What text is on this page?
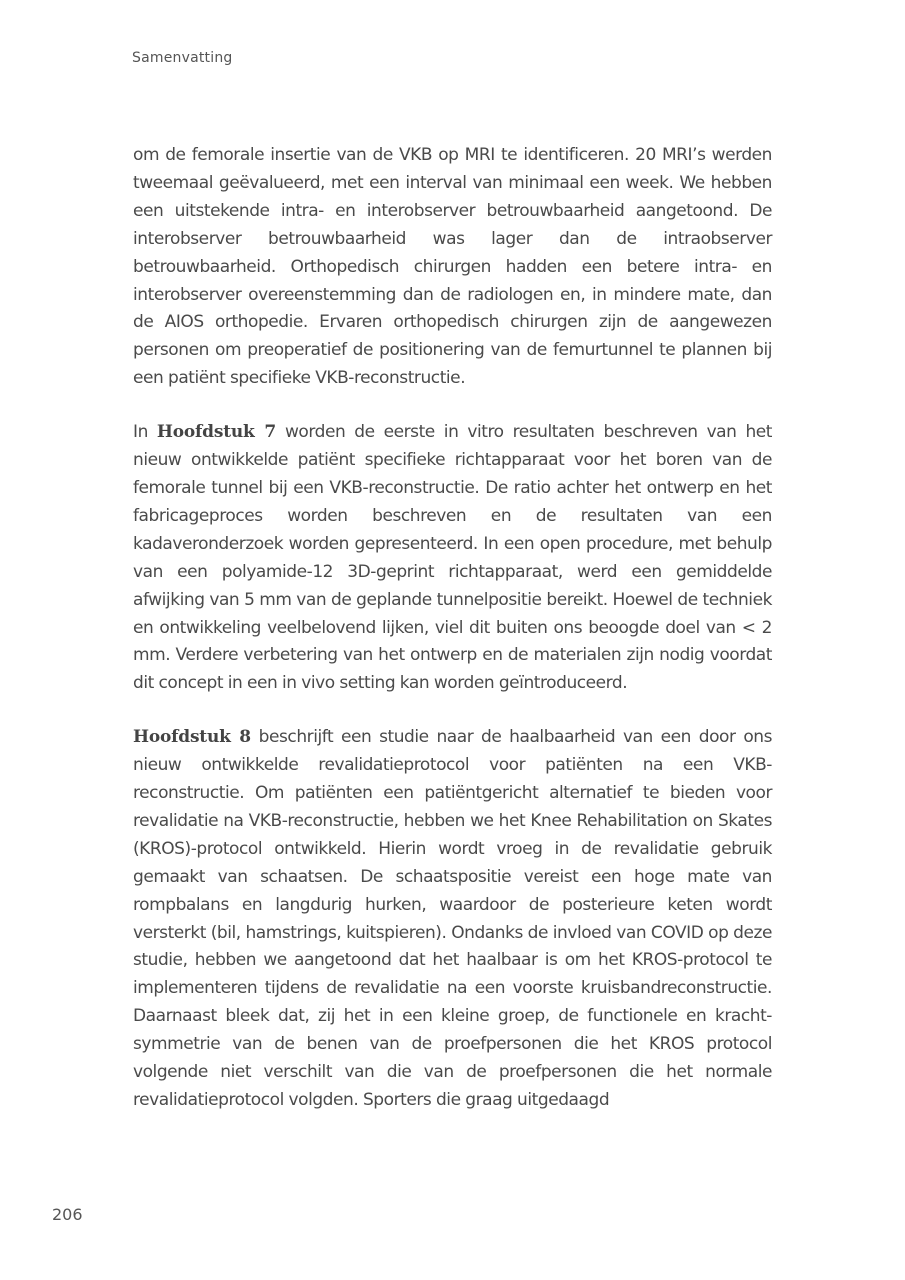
Samenvatting

om de femorale insertie van de VKB op MRI te identificeren. 20 MRI’s werden tweemaal geëvalueerd, met een interval van minimaal een week. We hebben een uitstekende intra- en interobserver betrouwbaarheid aangetoond. De interobserver betrouwbaarheid was lager dan de intraobserver betrouwbaarheid. Orthopedisch chirurgen hadden een betere intra- en interobserver overeenstemming dan de radiologen en, in mindere mate, dan de AIOS orthopedie. Ervaren orthopedisch chirurgen zijn de aangewezen personen om preoperatief de positionering van de femurtunnel te plannen bij een patiënt specifieke VKB-reconstructie.

In Hoofdstuk 7 worden de eerste in vitro resultaten beschreven van het nieuw ontwikkelde patiënt specifieke richtapparaat voor het boren van de femorale tunnel bij een VKB-reconstructie. De ratio achter het ontwerp en het fabricageproces worden beschreven en de resultaten van een kadaveronderzoek worden gepresenteerd. In een open procedure, met behulp van een polyamide-12 3D-geprint richtapparaat, werd een gemiddelde afwijking van 5 mm van de geplande tunnelpositie bereikt. Hoewel de techniek en ontwikkeling veelbelovend lijken, viel dit buiten ons beoogde doel van < 2 mm. Verdere verbetering van het ontwerp en de materialen zijn nodig voordat dit concept in een in vivo setting kan worden geïntroduceerd.

Hoofdstuk 8 beschrijft een studie naar de haalbaarheid van een door ons nieuw ontwikkelde revalidatieprotocol voor patiënten na een VKB-reconstructie. Om patiënten een patiëntgericht alternatief te bieden voor revalidatie na VKB-reconstructie, hebben we het Knee Rehabilitation on Skates (KROS)-protocol ontwikkeld. Hierin wordt vroeg in de revalidatie gebruik gemaakt van schaatsen. De schaatspositie vereist een hoge mate van rompbalans en langdurig hurken, waardoor de posterieure keten wordt versterkt (bil, hamstrings, kuitspieren). Ondanks de invloed van COVID op deze studie, hebben we aangetoond dat het haalbaar is om het KROS-protocol te implementeren tijdens de revalidatie na een voorste kruisbandreconstructie. Daarnaast bleek dat, zij het in een kleine groep, de functionele en kracht-symmetrie van de benen van de proefpersonen die het KROS protocol volgende niet verschilt van die van de proefpersonen die het normale revalidatieprotocol volgden. Sporters die graag uitgedaagd

206
